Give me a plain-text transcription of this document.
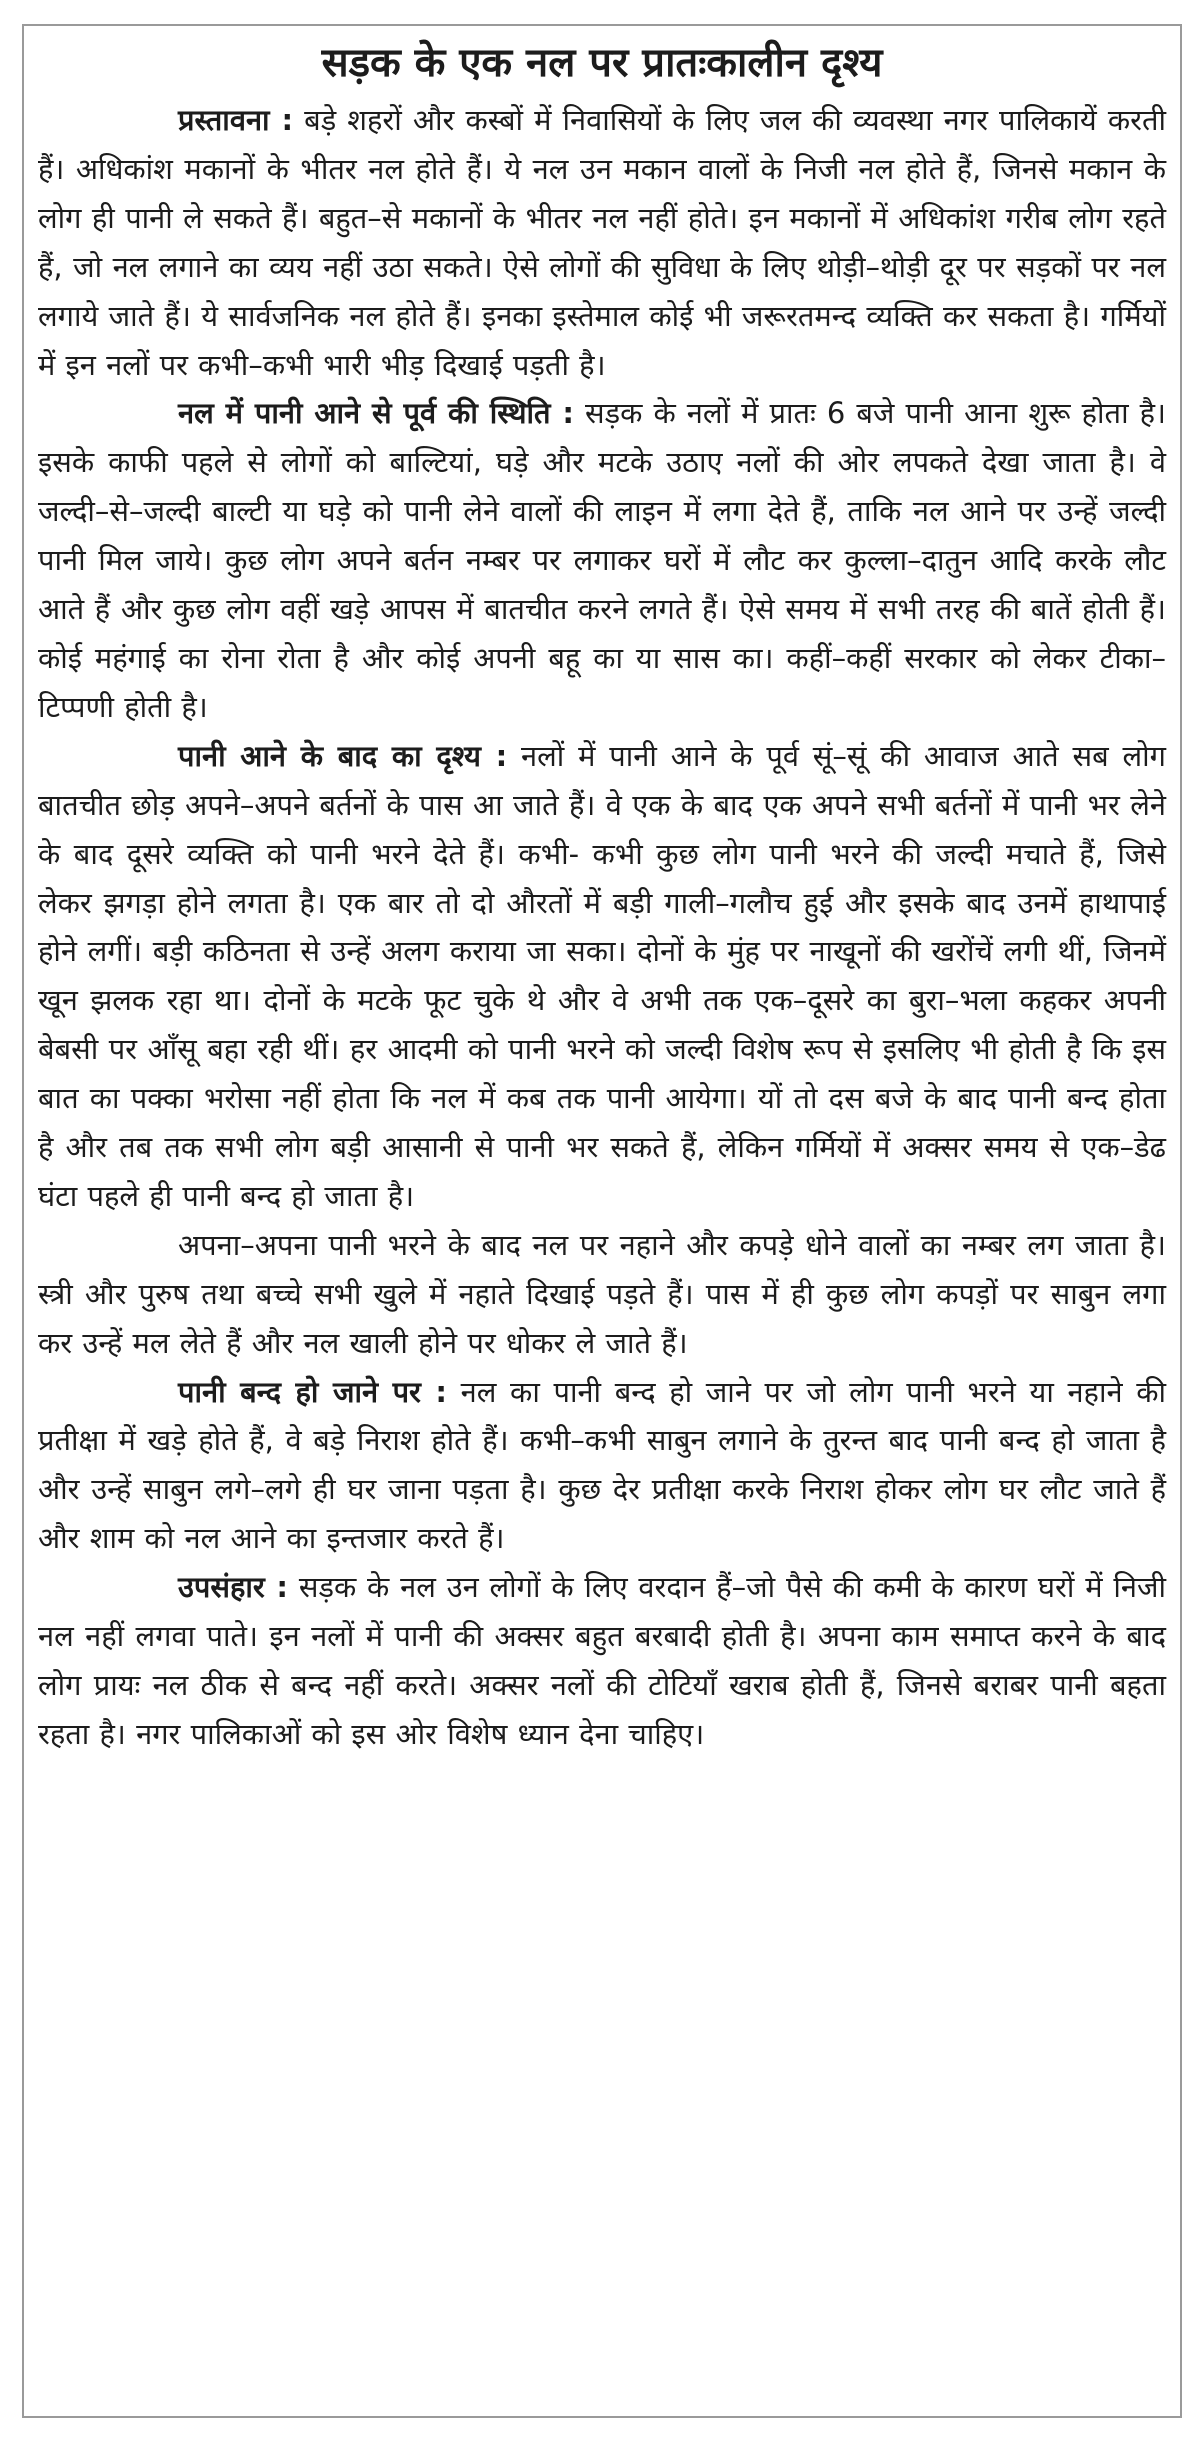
सड़क के एक नल पर प्रातःकालीन दृश्य

प्रस्तावना : बड़े शहरों और कस्बों में निवासियों के लिए जल की व्यवस्था नगर पालिकायें करती हैं। अधिकांश मकानों के भीतर नल होते हैं। ये नल उन मकान वालों के निजी नल होते हैं, जिनसे मकान के लोग ही पानी ले सकते हैं। बहुत–से मकानों के भीतर नल नहीं होते। इन मकानों में अधिकांश गरीब लोग रहते हैं, जो नल लगाने का व्यय नहीं उठा सकते। ऐसे लोगों की सुविधा के लिए थोड़ी–थोड़ी दूर पर सड़कों पर नल लगाये जाते हैं। ये सार्वजनिक नल होते हैं। इनका इस्तेमाल कोई भी जरूरतमन्द व्यक्ति कर सकता है। गर्मियों में इन नलों पर कभी–कभी भारी भीड़ दिखाई पड़ती है।

नल में पानी आने से पूर्व की स्थिति : सड़क के नलों में प्रातः 6 बजे पानी आना शुरू होता है। इसके काफी पहले से लोगों को बाल्टियां, घड़े और मटके उठाए नलों की ओर लपकते देखा जाता है। वे जल्दी–से–जल्दी बाल्टी या घड़े को पानी लेने वालों की लाइन में लगा देते हैं, ताकि नल आने पर उन्हें जल्दी पानी मिल जाये। कुछ लोग अपने बर्तन नम्बर पर लगाकर घरों में लौट कर कुल्ला–दातुन आदि करके लौट आते हैं और कुछ लोग वहीं खड़े आपस में बातचीत करने लगते हैं। ऐसे समय में सभी तरह की बातें होती हैं। कोई महंगाई का रोना रोता है और कोई अपनी बहू का या सास का। कहीं–कहीं सरकार को लेकर टीका–टिप्पणी होती है।

पानी आने के बाद का दृश्य : नलों में पानी आने के पूर्व सूं–सूं की आवाज आते सब लोग बातचीत छोड़ अपने–अपने बर्तनों के पास आ जाते हैं। वे एक के बाद एक अपने सभी बर्तनों में पानी भर लेने के बाद दूसरे व्यक्ति को पानी भरने देते हैं। कभी- कभी कुछ लोग पानी भरने की जल्दी मचाते हैं, जिसे लेकर झगड़ा होने लगता है। एक बार तो दो औरतों में बड़ी गाली–गलौच हुई और इसके बाद उनमें हाथापाई होने लगीं। बड़ी कठिनता से उन्हें अलग कराया जा सका। दोनों के मुंह पर नाखूनों की खरोंचें लगी थीं, जिनमें खून झलक रहा था। दोनों के मटके फूट चुके थे और वे अभी तक एक–दूसरे का बुरा–भला कहकर अपनी बेबसी पर आँसू बहा रही थीं। हर आदमी को पानी भरने को जल्दी विशेष रूप से इसलिए भी होती है कि इस बात का पक्का भरोसा नहीं होता कि नल में कब तक पानी आयेगा। यों तो दस बजे के बाद पानी बन्द होता है और तब तक सभी लोग बड़ी आसानी से पानी भर सकते हैं, लेकिन गर्मियों में अक्सर समय से एक–डेढ घंटा पहले ही पानी बन्द हो जाता है।

अपना–अपना पानी भरने के बाद नल पर नहाने और कपड़े धोने वालों का नम्बर लग जाता है। स्त्री और पुरुष तथा बच्चे सभी खुले में नहाते दिखाई पड़ते हैं। पास में ही कुछ लोग कपड़ों पर साबुन लगा कर उन्हें मल लेते हैं और नल खाली होने पर धोकर ले जाते हैं।

पानी बन्द हो जाने पर : नल का पानी बन्द हो जाने पर जो लोग पानी भरने या नहाने की प्रतीक्षा में खड़े होते हैं, वे बड़े निराश होते हैं। कभी–कभी साबुन लगाने के तुरन्त बाद पानी बन्द हो जाता है और उन्हें साबुन लगे–लगे ही घर जाना पड़ता है। कुछ देर प्रतीक्षा करके निराश होकर लोग घर लौट जाते हैं और शाम को नल आने का इन्तजार करते हैं।

उपसंहार : सड़क के नल उन लोगों के लिए वरदान हैं–जो पैसे की कमी के कारण घरों में निजी नल नहीं लगवा पाते। इन नलों में पानी की अक्सर बहुत बरबादी होती है। अपना काम समाप्त करने के बाद लोग प्रायः नल ठीक से बन्द नहीं करते। अक्सर नलों की टोटियाँ खराब होती हैं, जिनसे बराबर पानी बहता रहता है। नगर पालिकाओं को इस ओर विशेष ध्यान देना चाहिए।
